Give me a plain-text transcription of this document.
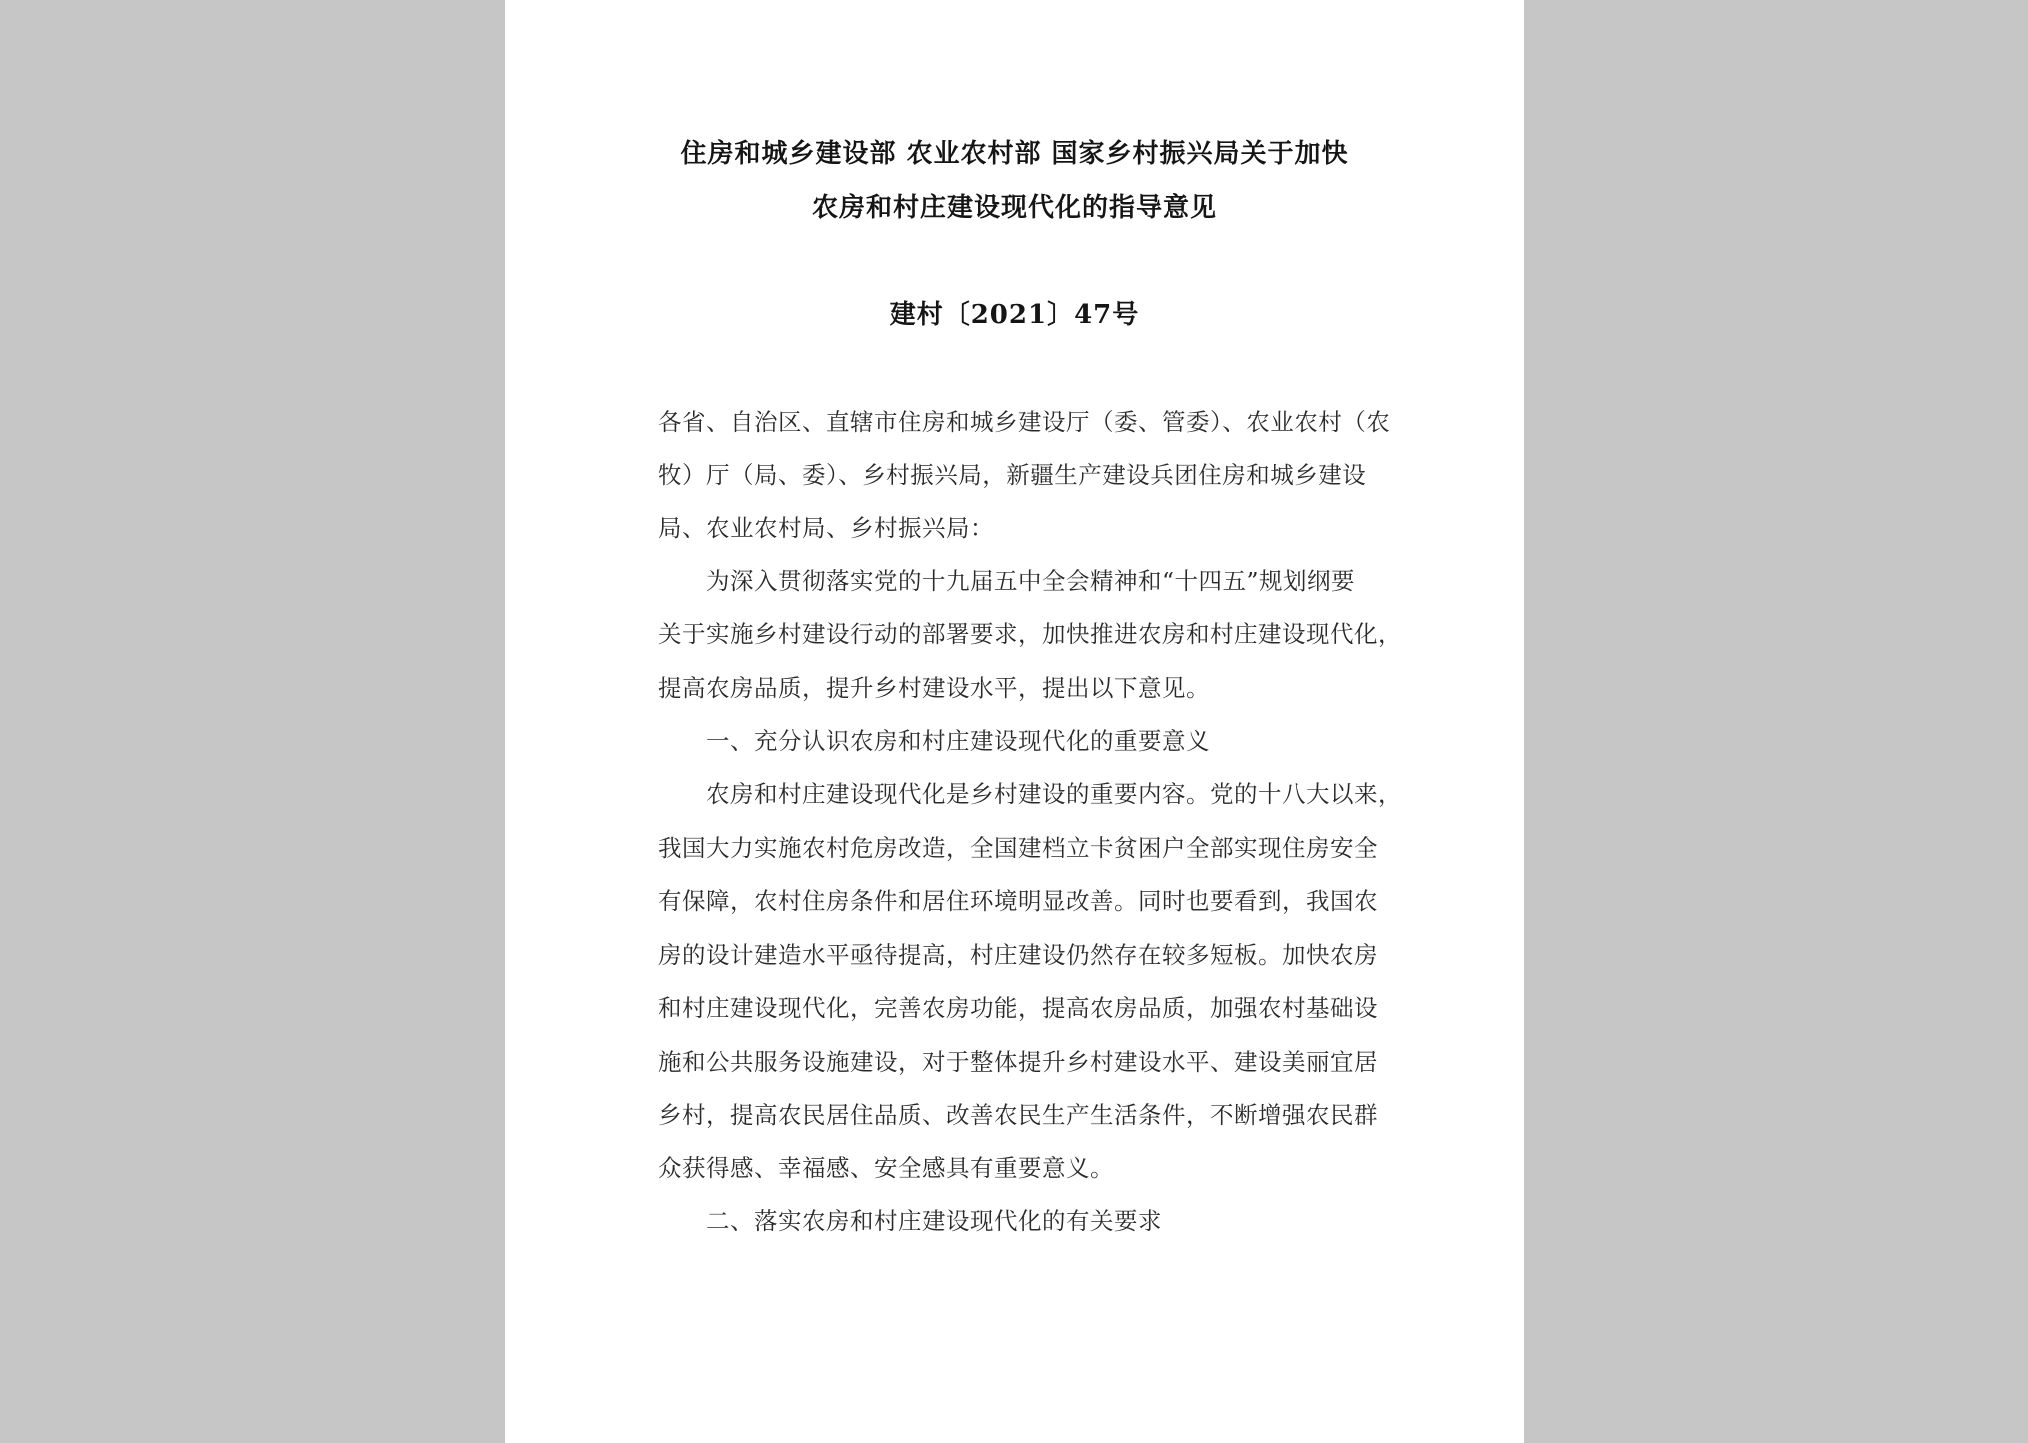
住房和城乡建设部 农业农村部 国家乡村振兴局关于加快
农房和村庄建设现代化的指导意见
建村〔2021〕47号
各省、自治区、直辖市住房和城乡建设厅（委、管委）、农业农村（农
牧）厅（局、委）、乡村振兴局，新疆生产建设兵团住房和城乡建设
局、农业农村局、乡村振兴局：
为深入贯彻落实党的十九届五中全会精神和“十四五”规划纲要
关于实施乡村建设行动的部署要求，加快推进农房和村庄建设现代化，
提高农房品质，提升乡村建设水平，提出以下意见。
一、充分认识农房和村庄建设现代化的重要意义
农房和村庄建设现代化是乡村建设的重要内容。党的十八大以来，
我国大力实施农村危房改造，全国建档立卡贫困户全部实现住房安全
有保障，农村住房条件和居住环境明显改善。同时也要看到，我国农
房的设计建造水平亟待提高，村庄建设仍然存在较多短板。加快农房
和村庄建设现代化，完善农房功能，提高农房品质，加强农村基础设
施和公共服务设施建设，对于整体提升乡村建设水平、建设美丽宜居
乡村，提高农民居住品质、改善农民生产生活条件，不断增强农民群
众获得感、幸福感、安全感具有重要意义。
二、落实农房和村庄建设现代化的有关要求
